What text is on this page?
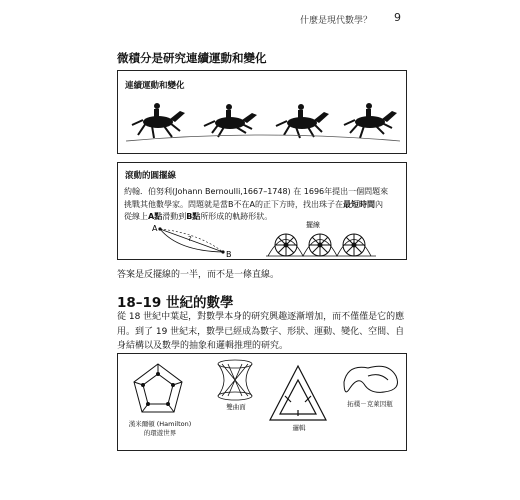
什麼是現代數學？ 9
微積分是研究連續運動和變化
連續運動和變化
滾動的圓擺線
約翰．伯努利(Johann Bernoulli,1667–1748) 在 1696年提出一個問題來挑戰其他數學家。問題就是當B不在A的正下方時，找出珠子在最短時間內從線上A點滑動到B點所形成的軌跡形狀。
A
B
?
擺線
答案是反擺線的一半，而不是一條直線。
18–19 世紀的數學
從 18 世紀中葉起，對數學本身的研究興趣逐漸增加，而不僅僅是它的應用。到了 19 世紀末，數學已經成為數字、形狀、運動、變化、空間、自身結構以及數學的抽象和邏輯推理的研究。
漢米爾頓 (Hamilton)
的環遊世界
雙曲面
邏輯
拓樸－克萊因瓶
